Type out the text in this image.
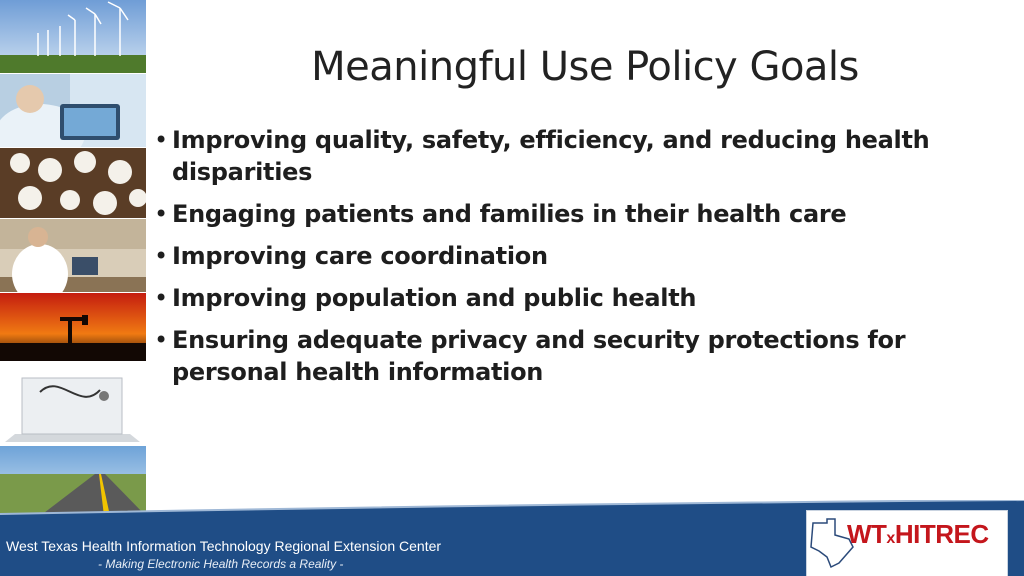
Meaningful Use Policy Goals
• Improving quality, safety, efficiency, and reducing health disparities
• Engaging patients and families in their health care
• Improving care coordination
• Improving population and public health
• Ensuring adequate privacy and security protections for personal health information
West Texas Health Information Technology Regional Extension Center
- Making Electronic Health Records a Reality -
WTxHITREC
